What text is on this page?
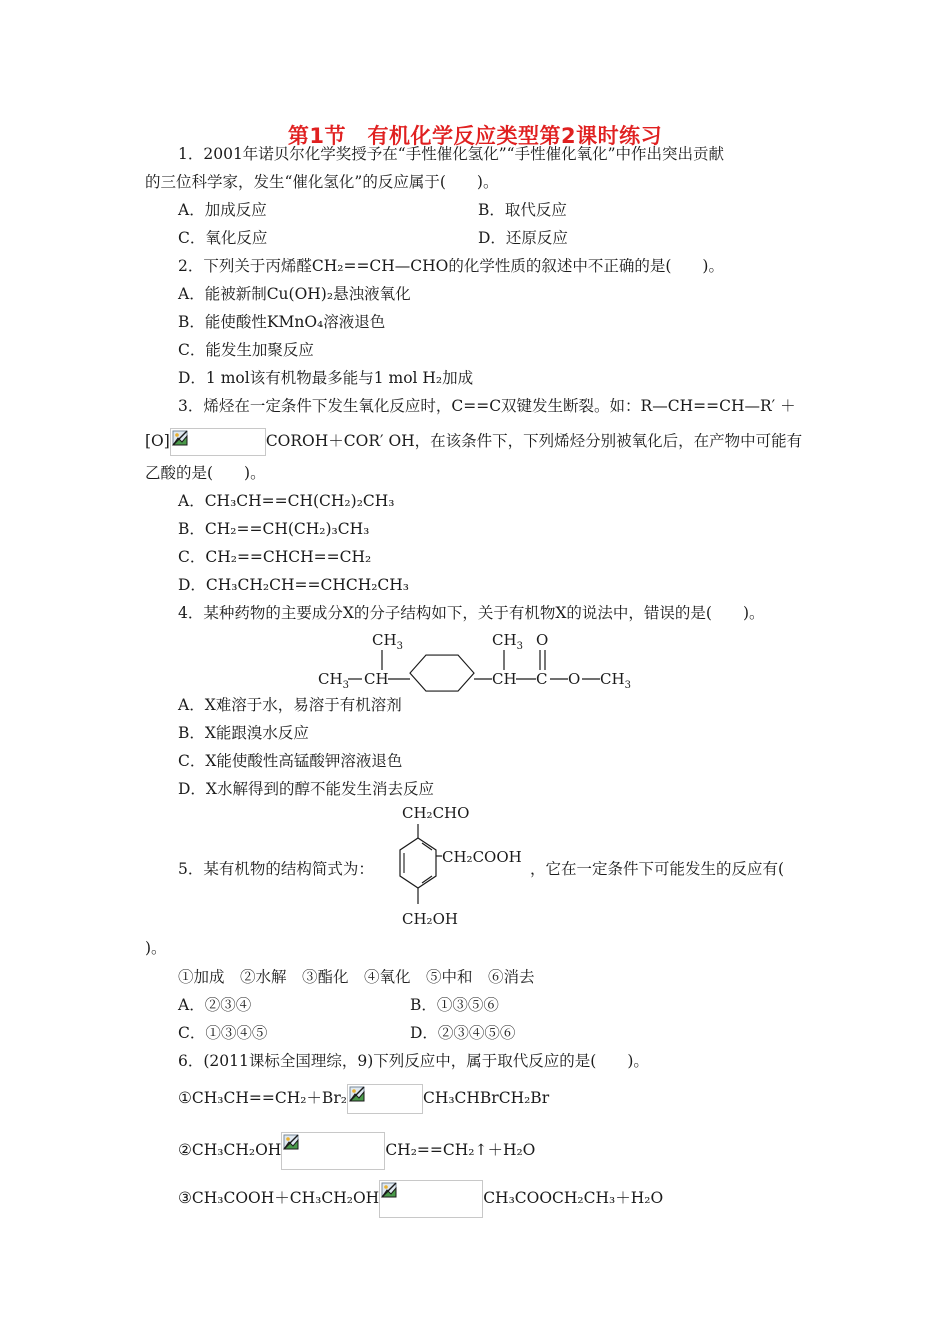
第1节　有机化学反应类型第2课时练习
1．2001年诺贝尔化学奖授予在“手性催化氢化”“手性催化氧化”中作出突出贡献
的三位科学家，发生“催化氢化”的反应属于(　　)。
A．加成反应	B．取代反应
C．氧化反应	D．还原反应
2．下列关于丙烯醛CH₂==CH—CHO的化学性质的叙述中不正确的是(　　)。
A．能被新制Cu(OH)₂悬浊液氧化
B．能使酸性KMnO₄溶液退色
C．能发生加聚反应
D．1 mol该有机物最多能与1 mol H₂加成
3．烯烃在一定条件下发生氧化反应时，C==C双键发生断裂。如：R—CH==CH—R′ ＋
[O]	COROH＋COR′ OH，在该条件下，下列烯烃分别被氧化后，在产物中可能有
乙酸的是(　　)。
A．CH₃CH==CH(CH₂)₂CH₃
B．CH₂==CH(CH₂)₃CH₃
C．CH₂==CHCH==CH₂
D．CH₃CH₂CH==CHCH₂CH₃
4．某种药物的主要成分X的分子结构如下，关于有机物X的说法中，错误的是(　　)。
$CH_3$
$CH_3$ CH
$CH_3$
CH
O
C O $CH_3$
A．X难溶于水，易溶于有机溶剂
B．X能跟溴水反应
C．X能使酸性高锰酸钾溶液退色
D．X水解得到的醇不能发生消去反应
CH₂CHO
CH₂COOH
CH₂OH
5．某有机物的结构简式为：	，它在一定条件下可能发生的反应有(
)。
①加成　②水解　③酯化　④氧化　⑤中和　⑥消去
A．②③④	B．①③⑤⑥
C．①③④⑤	D．②③④⑤⑥
6．(2011课标全国理综，9)下列反应中，属于取代反应的是(　　)。
①CH₃CH==CH₂＋Br₂	CH₃CHBrCH₂Br
②CH₃CH₂OH	CH₂==CH₂↑＋H₂O
③CH₃COOH＋CH₃CH₂OH	CH₃COOCH₂CH₃＋H₂O
